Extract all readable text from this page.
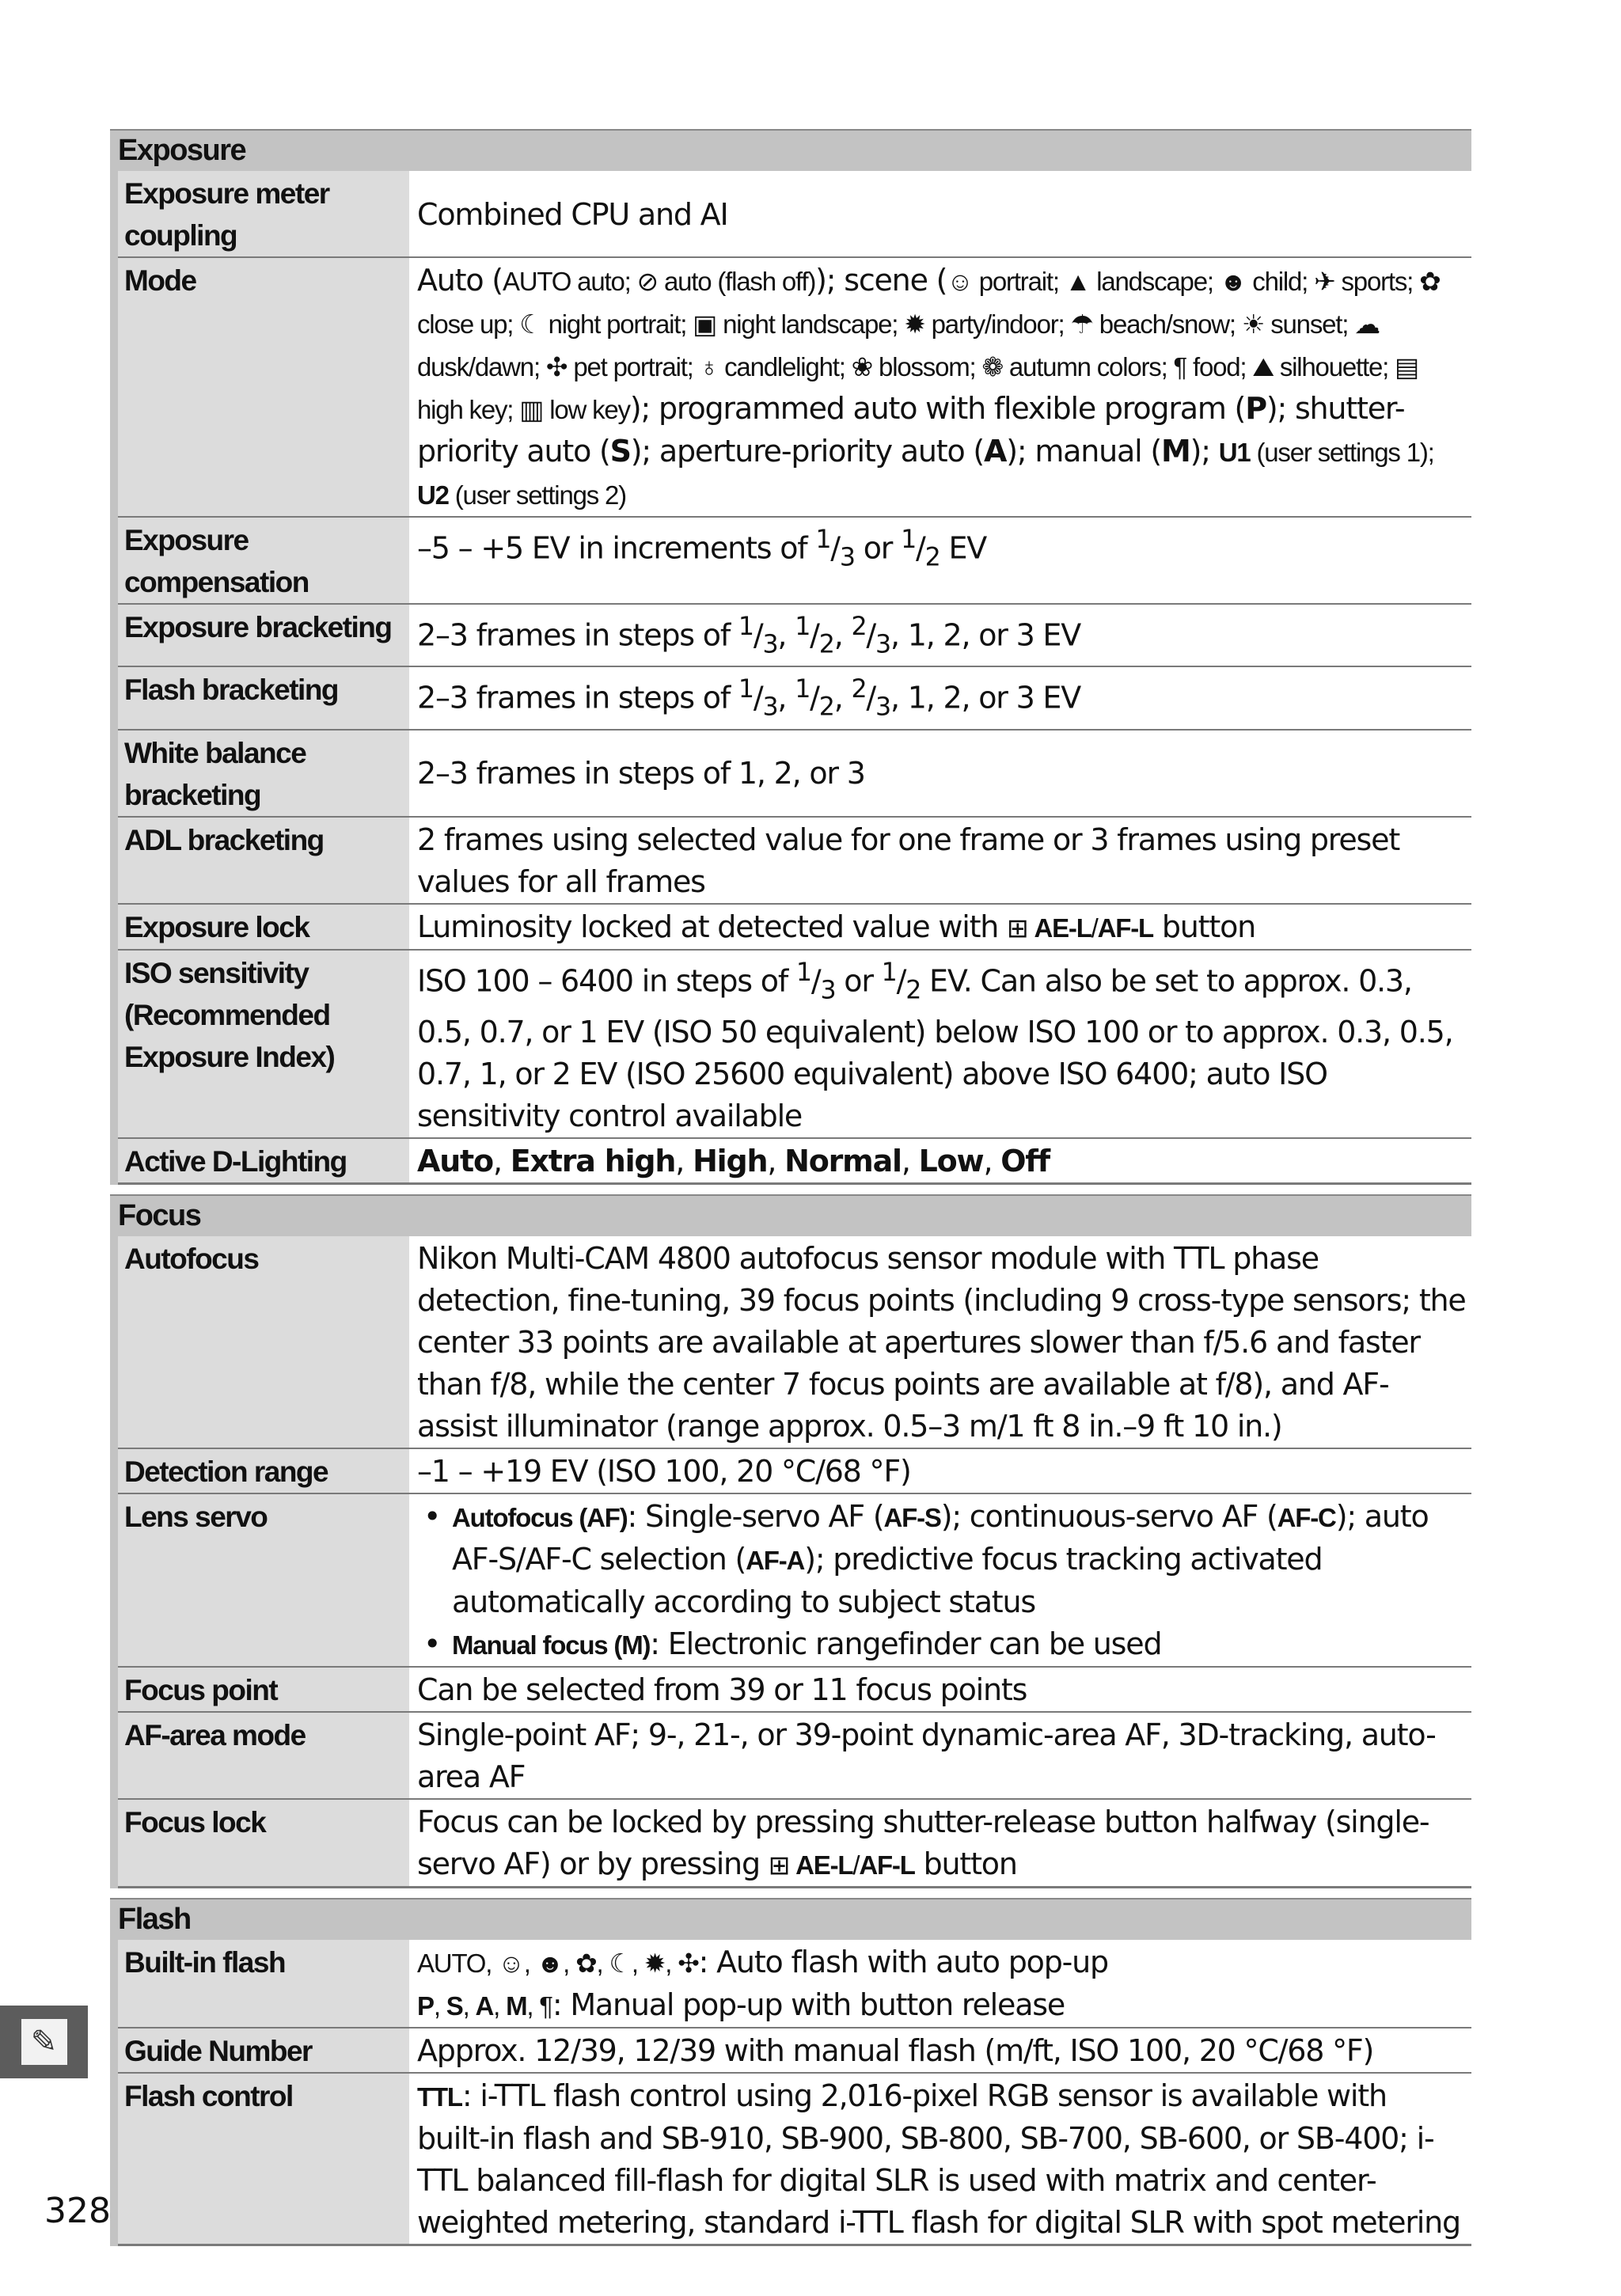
Exposure
Exposure meter coupling
Combined CPU and AI
Mode	Auto (AUTO auto; ⊘ auto (flash off)); scene (☺ portrait; ▲ landscape; ☻ child; ✈ sports; ✿ close up; ☾ night portrait; ▣ night landscape; ✹ party/indoor; ☂ beach/snow; ☀ sunset; ☁ dusk/dawn; ✣ pet portrait; ♁ candlelight; ❀ blossom; ❁ autumn colors; ¶ food; ⛰ silhouette; ▤ high key; ▥ low key); programmed auto with flexible program (P); shutter-priority auto (S); aperture-priority auto (A); manual (M); U1 (user settings 1); U2 (user settings 2)
Exposure compensation
–5 – +5 EV in increments of $^1/_3$ or $^1/_2$ EV
Exposure bracketing 2–3 frames in steps of $^1/_3$, $^1/_2$, $^2/_3$, 1, 2, or 3 EV
Flash bracketing	2–3 frames in steps of $^1/_3$, $^1/_2$, $^2/_3$, 1, 2, or 3 EV
White balance bracketing
2–3 frames in steps of 1, 2, or 3
ADL bracketing	2 frames using selected value for one frame or 3 frames using preset values for all frames
Exposure lock	Luminosity locked at detected value with ⊞ AE-L/AF-L button
ISO sensitivity (Recommended Exposure Index)
ISO 100 – 6400 in steps of $^1/_3$ or $^1/_2$ EV. Can also be set to approx. 0.3, 0.5, 0.7, or 1 EV (ISO 50 equivalent) below ISO 100 or to approx. 0.3, 0.5, 0.7, 1, or 2 EV (ISO 25600 equivalent) above ISO 6400; auto ISO sensitivity control available
Active D-Lighting	Auto, Extra high, High, Normal, Low, Off
Focus
Autofocus	Nikon Multi-CAM 4800 autofocus sensor module with TTL phase detection, fine-tuning, 39 focus points (including 9 cross-type sensors; the center 33 points are available at apertures slower than f/5.6 and faster than f/8, while the center 7 focus points are available at f/8), and AF-assist illuminator (range approx. 0.5–3 m/1 ft 8 in.–9 ft 10 in.)
Detection range	–1 – +19 EV (ISO 100, 20 °C/68 °F)
Lens servo
•	Autofocus (AF): Single-servo AF (AF-S); continuous-servo AF (AF-C); auto AF-S/AF-C selection (AF-A); predictive focus tracking activated automatically according to subject status
• Manual focus (M): Electronic rangefinder can be used
Focus point	Can be selected from 39 or 11 focus points
AF-area mode	Single-point AF; 9-, 21-, or 39-point dynamic-area AF, 3D-tracking, auto-area AF
Focus lock	Focus can be locked by pressing shutter-release button halfway (single-servo AF) or by pressing ⊞ AE-L/AF-L button
Flash
Built-in flash	AUTO, ☺, ☻, ✿, ☾, ✹, ✣: Auto flash with auto pop-up
P, S, A, M, ¶: Manual pop-up with button release
Guide Number	Approx. 12/39, 12/39 with manual flash (m/ft, ISO 100, 20 °C/68 °F)
Flash control	TTL: i-TTL flash control using 2,016-pixel RGB sensor is available with built-in flash and SB-910, SB-900, SB-800, SB-700, SB-600, or SB-400; i-TTL balanced fill-flash for digital SLR is used with matrix and center-weighted metering, standard i-TTL flash for digital SLR with spot metering
✎
328
